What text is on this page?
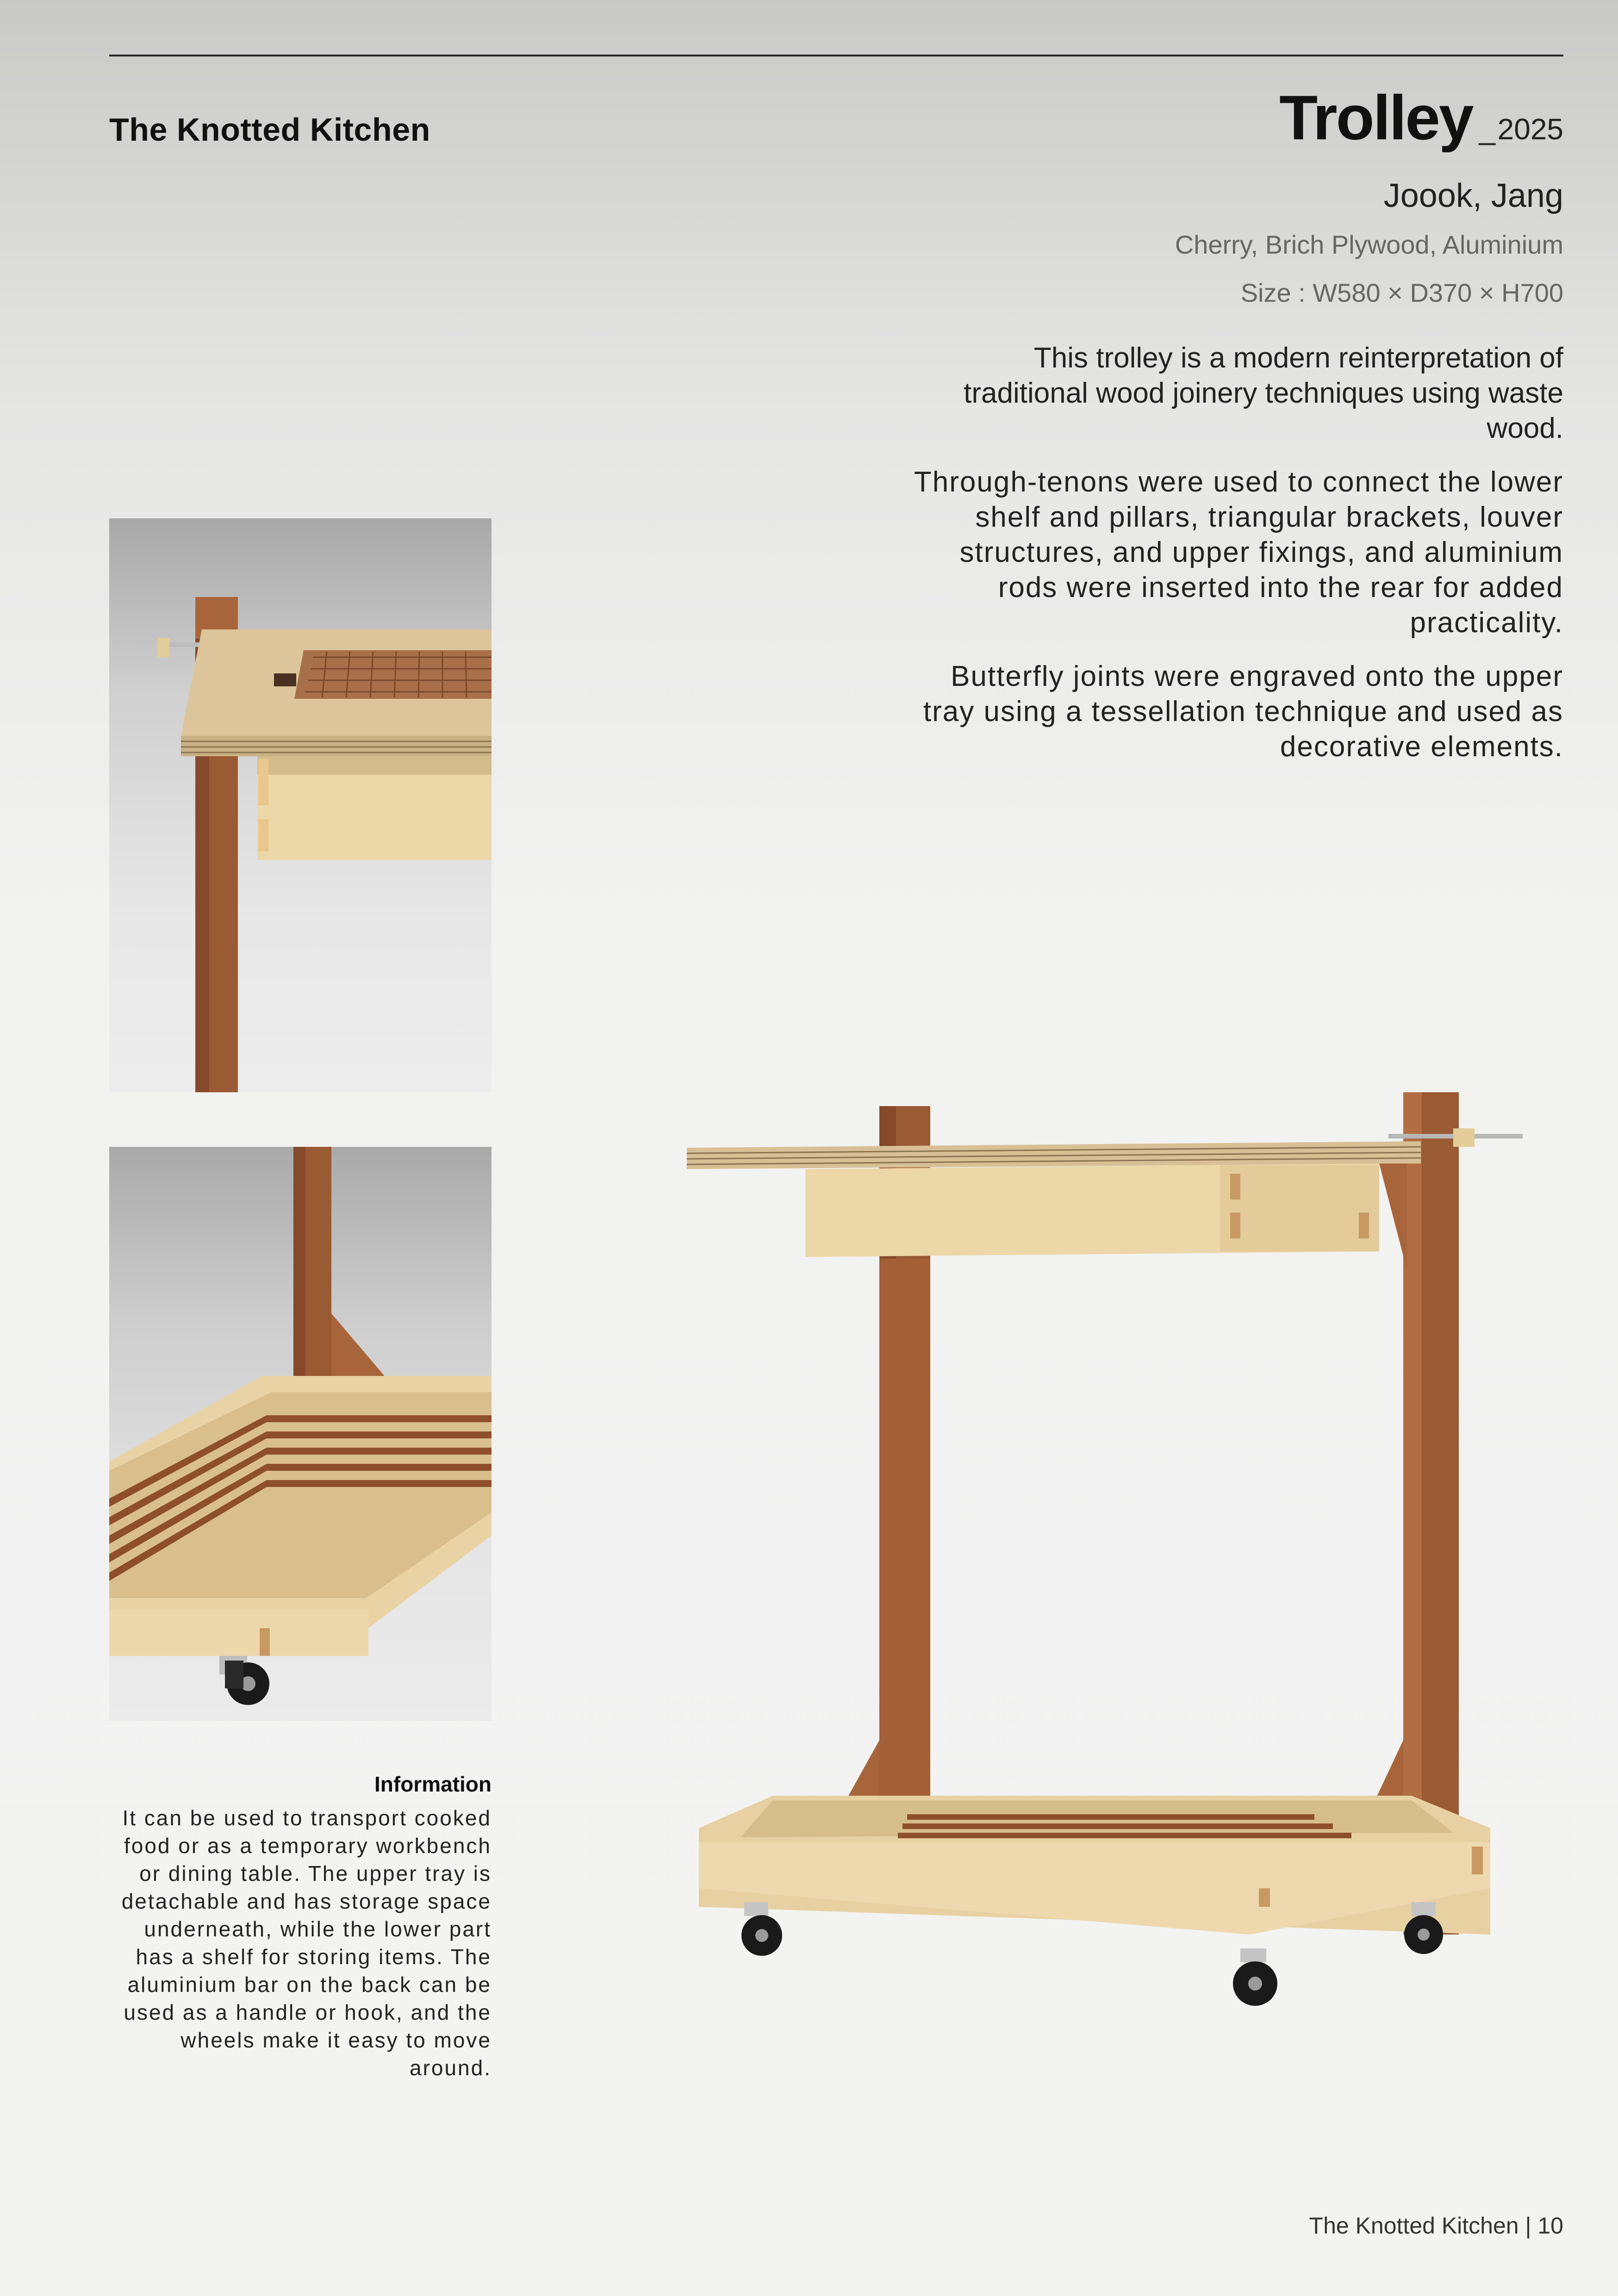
The Knotted Kitchen	Trolley _ 2025
Joook, Jang
Cherry, Brich Plywood, Aluminium
Size : W580 × D370 × H700

This trolley is a modern reinterpretation of traditional wood joinery techniques using waste wood.

Through-tenons were used to connect the lower shelf and pillars, triangular brackets, louver structures, and upper fixings, and aluminium rods were inserted into the rear for added practicality.

Butterfly joints were engraved onto the upper tray using a tessellation technique and used as decorative elements.

Information
It can be used to transport cooked food or as a temporary workbench or dining table. The upper tray is detachable and has storage space underneath, while the lower part has a shelf for storing items. The aluminium bar on the back can be used as a handle or hook, and the wheels make it easy to move around.
The Knotted Kitchen | 10
